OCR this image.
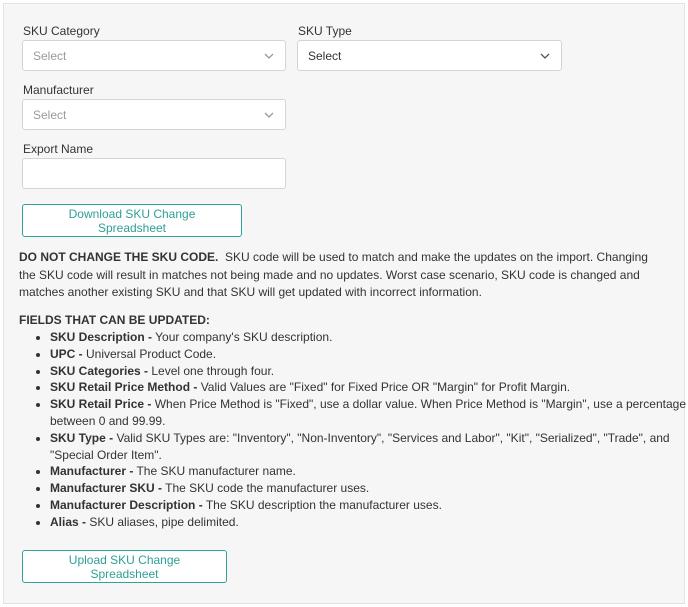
SKU Category
Select
SKU Type
Select
Manufacturer
Select
Export Name
Download SKU Change Spreadsheet
DO NOT CHANGE THE SKU CODE. SKU code will be used to match and make the updates on the import. Changing the SKU code will result in matches not being made and no updates. Worst case scenario, SKU code is changed and matches another existing SKU and that SKU will get updated with incorrect information.
FIELDS THAT CAN BE UPDATED:
• SKU Description - Your company's SKU description.
• UPC - Universal Product Code.
• SKU Categories - Level one through four.
• SKU Retail Price Method - Valid Values are "Fixed" for Fixed Price OR "Margin" for Profit Margin.
• SKU Retail Price - When Price Method is "Fixed", use a dollar value. When Price Method is "Margin", use a percentage between 0 and 99.99.
• SKU Type - Valid SKU Types are: "Inventory", "Non-Inventory", "Services and Labor", "Kit", "Serialized", "Trade", and "Special Order Item".
• Manufacturer - The SKU manufacturer name.
• Manufacturer SKU - The SKU code the manufacturer uses.
• Manufacturer Description - The SKU description the manufacturer uses.
• Alias - SKU aliases, pipe delimited.
Upload SKU Change Spreadsheet
